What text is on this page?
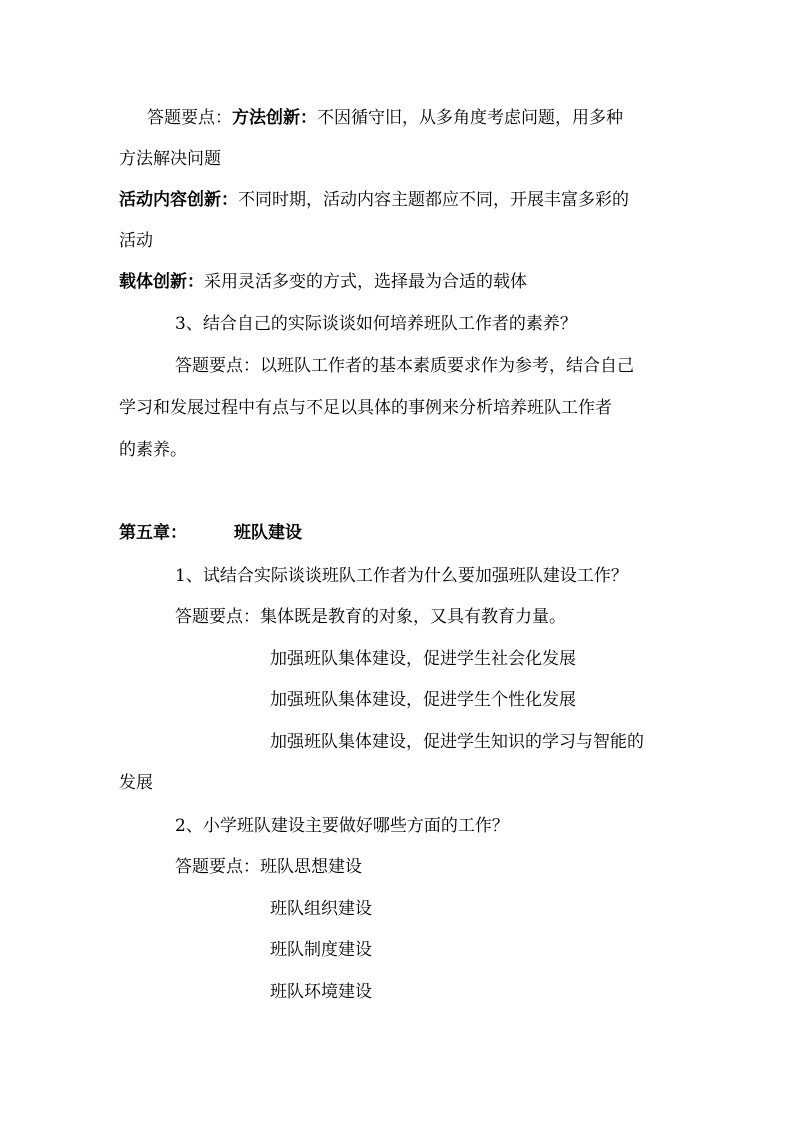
答题要点：方法创新：不因循守旧，从多角度考虑问题，用多种
方法解决问题
活动内容创新：不同时期，活动内容主题都应不同，开展丰富多彩的
活动
载体创新：采用灵活多变的方式，选择最为合适的载体
3、结合自己的实际谈谈如何培养班队工作者的素养？
答题要点：以班队工作者的基本素质要求作为参考，结合自己
学习和发展过程中有点与不足以具体的事例来分析培养班队工作者
的素养。
第五章：	班队建设
1、试结合实际谈谈班队工作者为什么要加强班队建设工作？
答题要点：集体既是教育的对象，又具有教育力量。
加强班队集体建设，促进学生社会化发展
加强班队集体建设，促进学生个性化发展
加强班队集体建设，促进学生知识的学习与智能的
发展
2、小学班队建设主要做好哪些方面的工作？
答题要点：班队思想建设
班队组织建设
班队制度建设
班队环境建设
